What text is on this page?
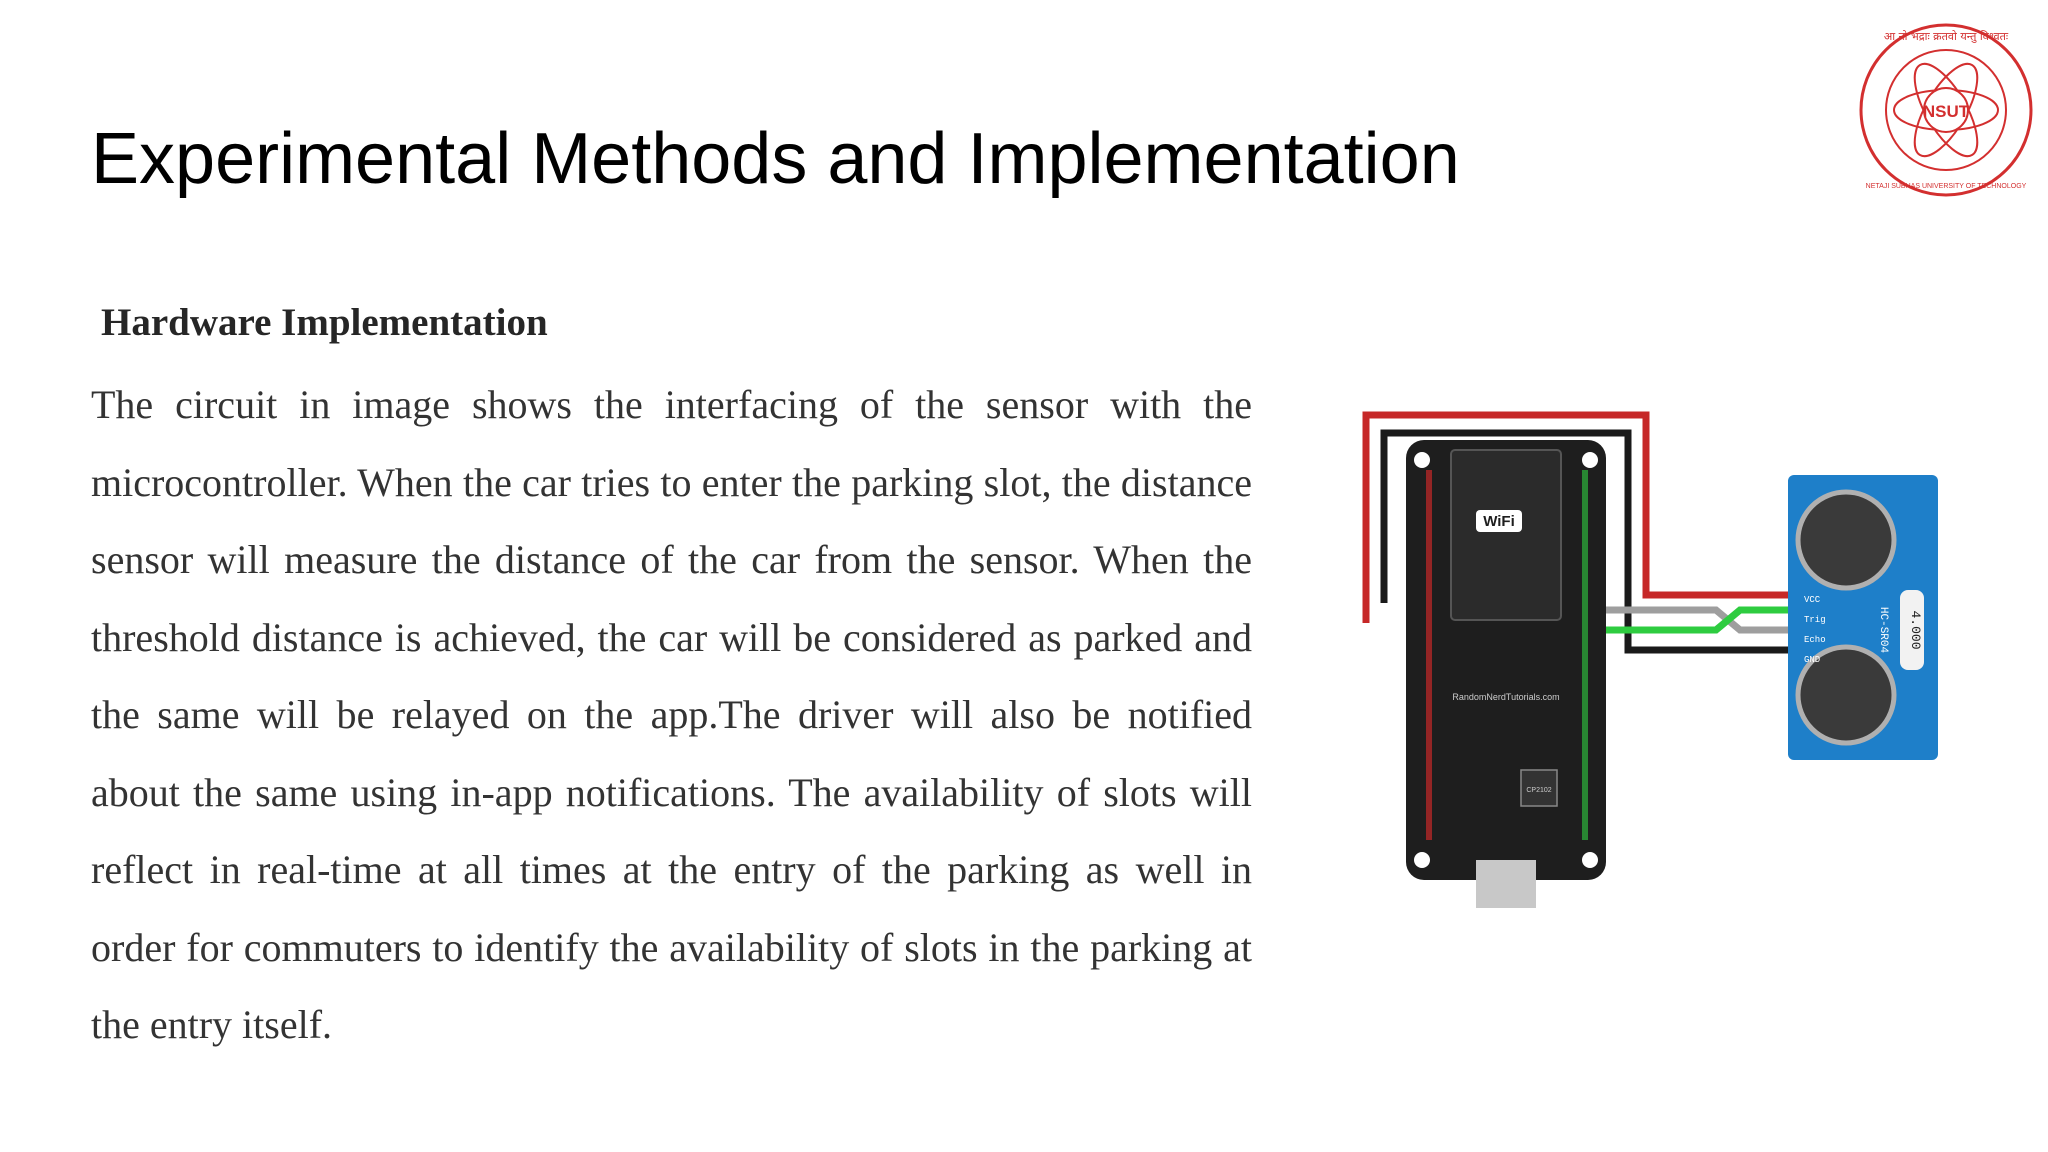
Experimental Methods and Implementation
NSUT
आ नो भद्राः क्रतवो यन्तु विश्वतः
NETAJI SUBHAS UNIVERSITY OF TECHNOLOGY
Hardware Implementation

The circuit in image shows the interfacing of the sensor with the microcontroller. When the car tries to enter the parking slot, the distance sensor will measure the distance of the car from the sensor. When the threshold distance is achieved, the car will be considered as parked and the same will be relayed on the app.The driver will also be notified about the same using in-app notifications. The availability of slots will reflect in real-time at all times at the entry of the parking as well in order for commuters to identify the availability of slots in the parking at the entry itself.

WiFi
RandomNerdTutorials.com
CP2102
VCC
Trig
Echo
GND
HC-SR04 4.000
